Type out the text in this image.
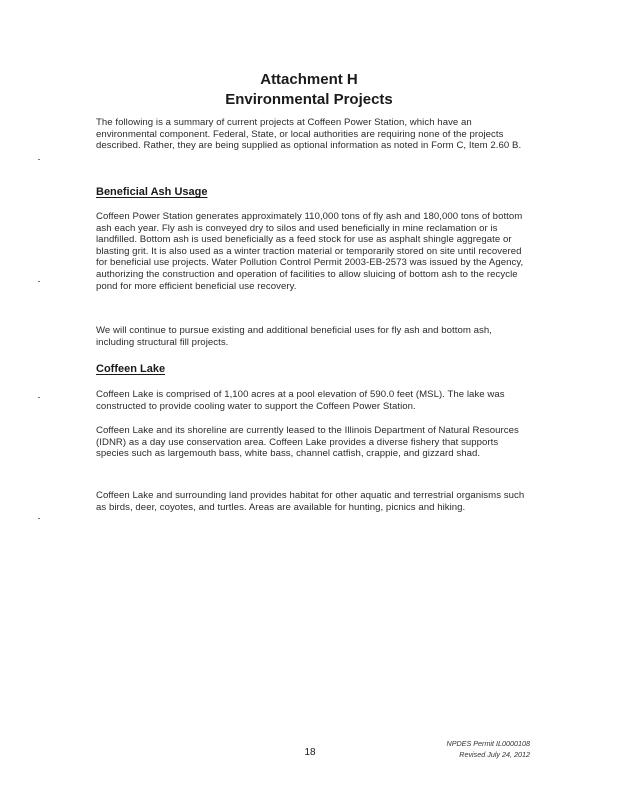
Attachment H
Environmental Projects

The following is a summary of current projects at Coffeen Power Station, which have an environmental component. Federal, State, or local authorities are requiring none of the projects described. Rather, they are being supplied as optional information as noted in Form C, Item 2.60 B.

Beneficial Ash Usage

Coffeen Power Station generates approximately 110,000 tons of fly ash and 180,000 tons of bottom ash each year. Fly ash is conveyed dry to silos and used beneficially in mine reclamation or is landfilled. Bottom ash is used beneficially as a feed stock for use as asphalt shingle aggregate or blasting grit. It is also used as a winter traction material or temporarily stored on site until recovered for beneficial use projects. Water Pollution Control Permit 2003-EB-2573 was issued by the Agency, authorizing the construction and operation of facilities to allow sluicing of bottom ash to the recycle pond for more efficient beneficial use recovery.

We will continue to pursue existing and additional beneficial uses for fly ash and bottom ash, including structural fill projects.

Coffeen Lake

Coffeen Lake is comprised of 1,100 acres at a pool elevation of 590.0 feet (MSL). The lake was constructed to provide cooling water to support the Coffeen Power Station.

Coffeen Lake and its shoreline are currently leased to the Illinois Department of Natural Resources (IDNR) as a day use conservation area. Coffeen Lake provides a diverse fishery that supports species such as largemouth bass, white bass, channel catfish, crappie, and gizzard shad.

Coffeen Lake and surrounding land provides habitat for other aquatic and terrestrial organisms such as birds, deer, coyotes, and turtles. Areas are available for hunting, picnics and hiking.

18
NPDES Permit IL0000108
Revised July 24, 2012
